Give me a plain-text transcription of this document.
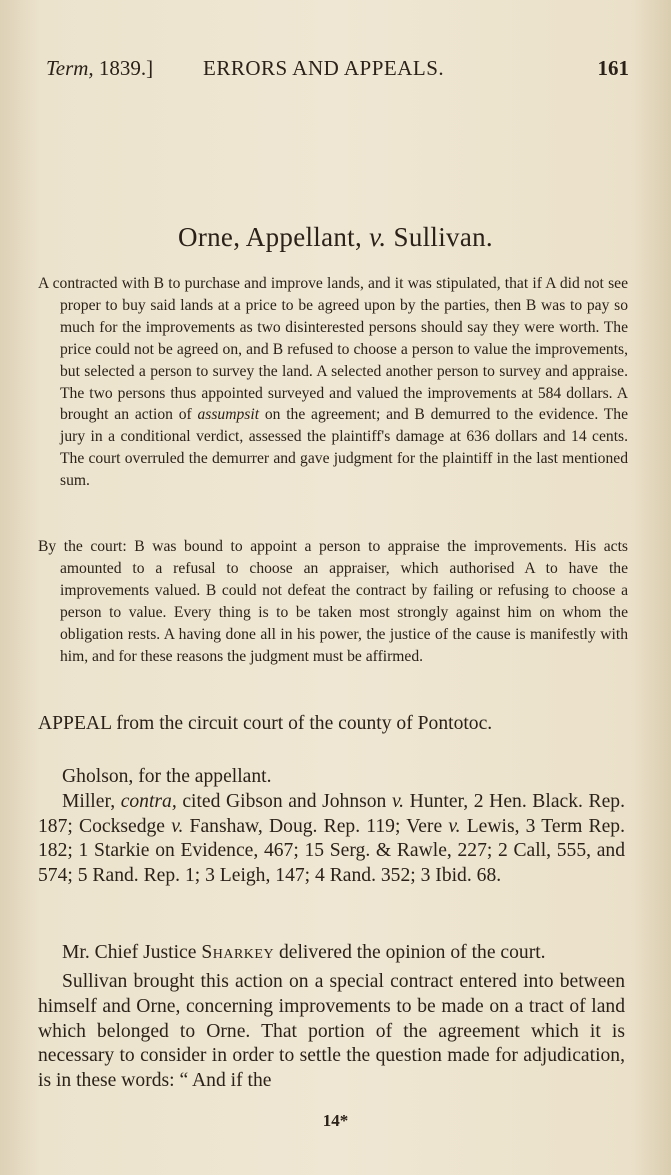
Term, 1839.] ERRORS AND APPEALS.	161
Orne, Appellant, v. Sullivan.

A contracted with B to purchase and improve lands, and it was stipulated, that if A did not see proper to buy said lands at a price to be agreed upon by the parties, then B was to pay so much for the improvements as two disinterested persons should say they were worth. The price could not be agreed on, and B refused to choose a person to value the improvements, but selected a person to survey the land. A selected another person to survey and appraise. The two persons thus appointed surveyed and valued the improvements at 584 dollars. A brought an action of assumpsit on the agreement; and B demurred to the evidence. The jury in a conditional verdict, assessed the plaintiff's damage at 636 dollars and 14 cents. The court overruled the demurrer and gave judgment for the plaintiff in the last mentioned sum.

By the court: B was bound to appoint a person to appraise the improvements. His acts amounted to a refusal to choose an appraiser, which authorised A to have the improvements valued. B could not defeat the contract by failing or refusing to choose a person to value. Every thing is to be taken most strongly against him on whom the obligation rests. A having done all in his power, the justice of the cause is manifestly with him, and for these reasons the judgment must be affirmed.

APPEAL from the circuit court of the county of Pontotoc.

Gholson, for the appellant.

Miller, contra, cited Gibson and Johnson v. Hunter, 2 Hen. Black. Rep. 187; Cocksedge v. Fanshaw, Doug. Rep. 119; Vere v. Lewis, 3 Term Rep. 182; 1 Starkie on Evidence, 467; 15 Serg. & Rawle, 227; 2 Call, 555, and 574; 5 Rand. Rep. 1; 3 Leigh, 147; 4 Rand. 352; 3 Ibid. 68.

Mr. Chief Justice Sharkey delivered the opinion of the court.

Sullivan brought this action on a special contract entered into between himself and Orne, concerning improvements to be made on a tract of land which belonged to Orne. That portion of the agreement which it is necessary to consider in order to settle the question made for adjudication, is in these words: “ And if the

14*
